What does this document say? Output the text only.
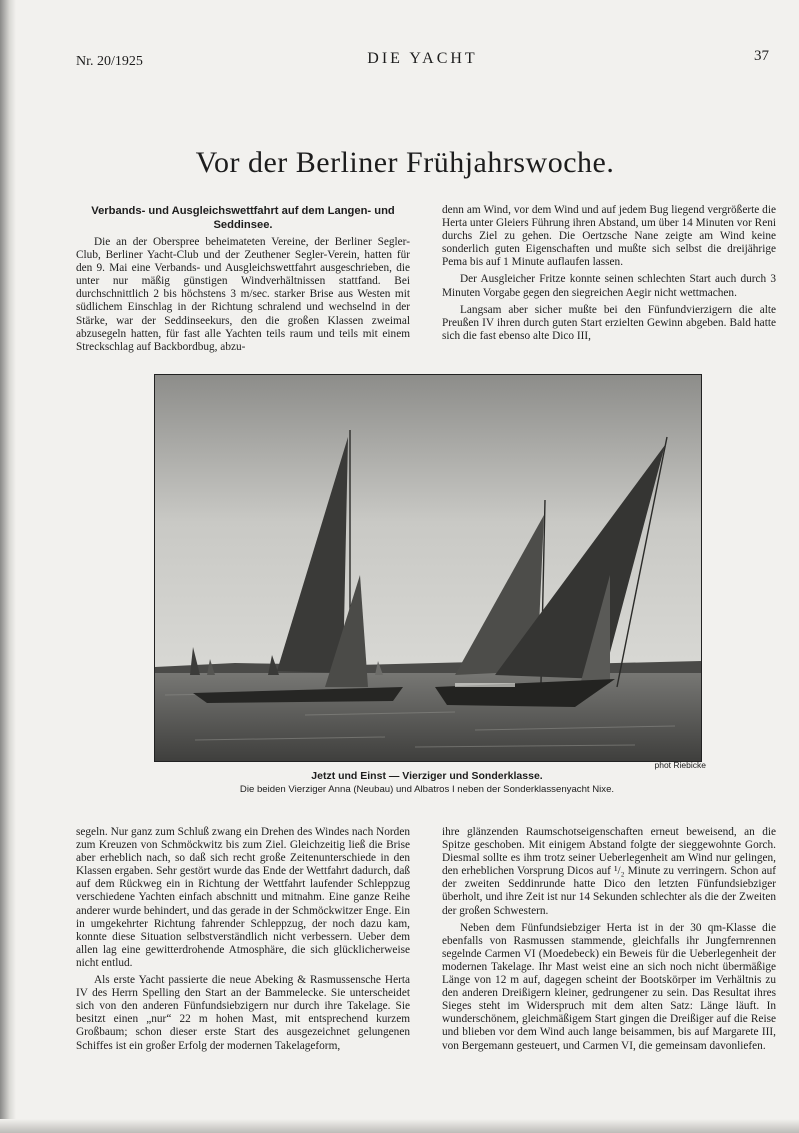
Nr. 20/1925	DIE YACHT	37
Vor der Berliner Frühjahrswoche.
Verbands- und Ausgleichswettfahrt auf dem Langen- und Seddinsee.

Die an der Oberspree beheimateten Vereine, der Berliner Segler-Club, Berliner Yacht-Club und der Zeuthener Segler-Verein, hatten für den 9. Mai eine Verbands- und Ausgleichswettfahrt ausgeschrieben, die unter nur mäßig günstigen Windverhältnissen stattfand. Bei durchschnittlich 2 bis höchstens 3 m/sec. starker Brise aus Westen mit südlichem Einschlag in der Richtung schralend und wechselnd in der Stärke, war der Seddinseekurs, den die großen Klassen zweimal abzusegeln hatten, für fast alle Yachten teils raum und teils mit einem Streckschlag auf Backbordbug, abzu-

denn am Wind, vor dem Wind und auf jedem Bug liegend vergrößerte die Herta unter Gleiers Führung ihren Abstand, um über 14 Minuten vor Reni durchs Ziel zu gehen. Die Oertzsche Nane zeigte am Wind keine sonderlich guten Eigenschaften und mußte sich selbst die dreijährige Pema bis auf 1 Minute auflaufen lassen.

Der Ausgleicher Fritze konnte seinen schlechten Start auch durch 3 Minuten Vorgabe gegen den siegreichen Aegir nicht wettmachen.

Langsam aber sicher mußte bei den Fünfundvierzigern die alte Preußen IV ihren durch guten Start erzielten Gewinn abgeben. Bald hatte sich die fast ebenso alte Dico III,

phot Riebicke
Jetzt und Einst — Vierziger und Sonderklasse.
Die beiden Vierziger Anna (Neubau) und Albatros I neben der Sonderklassenyacht Nixe.

segeln. Nur ganz zum Schluß zwang ein Drehen des Windes nach Norden zum Kreuzen von Schmöckwitz bis zum Ziel. Gleichzeitig ließ die Brise aber erheblich nach, so daß sich recht große Zeitenunterschiede in den Klassen ergaben. Sehr gestört wurde das Ende der Wettfahrt dadurch, daß auf dem Rückweg ein in Richtung der Wettfahrt laufender Schleppzug verschiedene Yachten einfach abschnitt und mitnahm. Eine ganze Reihe anderer wurde behindert, und das gerade in der Schmöckwitzer Enge. Ein in umgekehrter Richtung fahrender Schleppzug, der noch dazu kam, konnte diese Situation selbstverständlich nicht verbessern. Ueber dem allen lag eine gewitterdrohende Atmosphäre, die sich glücklicherweise nicht entlud.

Als erste Yacht passierte die neue Abeking & Rasmussensche Herta IV des Herrn Spelling den Start an der Bammelecke. Sie unterscheidet sich von den anderen Fünfundsiebzigern nur durch ihre Takelage. Sie besitzt einen „nur“ 22 m hohen Mast, mit entsprechend kurzem Großbaum; schon dieser erste Start des ausgezeichnet gelungenen Schiffes ist ein großer Erfolg der modernen Takelageform,

ihre glänzenden Raumschotseigenschaften erneut beweisend, an die Spitze geschoben. Mit einigem Abstand folgte der sieggewohnte Gorch. Diesmal sollte es ihm trotz seiner Ueberlegenheit am Wind nur gelingen, den erheblichen Vorsprung Dicos auf ¹/₂ Minute zu verringern. Schon auf der zweiten Seddinrunde hatte Dico den letzten Fünfundsiebziger überholt, und ihre Zeit ist nur 14 Sekunden schlechter als die der Zweiten der großen Schwestern.

Neben dem Fünfundsiebziger Herta ist in der 30 qm-Klasse die ebenfalls von Rasmussen stammende, gleichfalls ihr Jungfernrennen segelnde Carmen VI (Moedebeck) ein Beweis für die Ueberlegenheit der modernen Takelage. Ihr Mast weist eine an sich noch nicht übermäßige Länge von 12 m auf, dagegen scheint der Bootskörper im Verhältnis zu den anderen Dreißigern kleiner, gedrungener zu sein. Das Resultat ihres Sieges steht im Widerspruch mit dem alten Satz: Länge läuft. In wunderschönem, gleichmäßigem Start gingen die Dreißiger auf die Reise und blieben vor dem Wind auch lange beisammen, bis auf Margarete III, von Bergemann gesteuert, und Carmen VI, die gemeinsam davonliefen.
